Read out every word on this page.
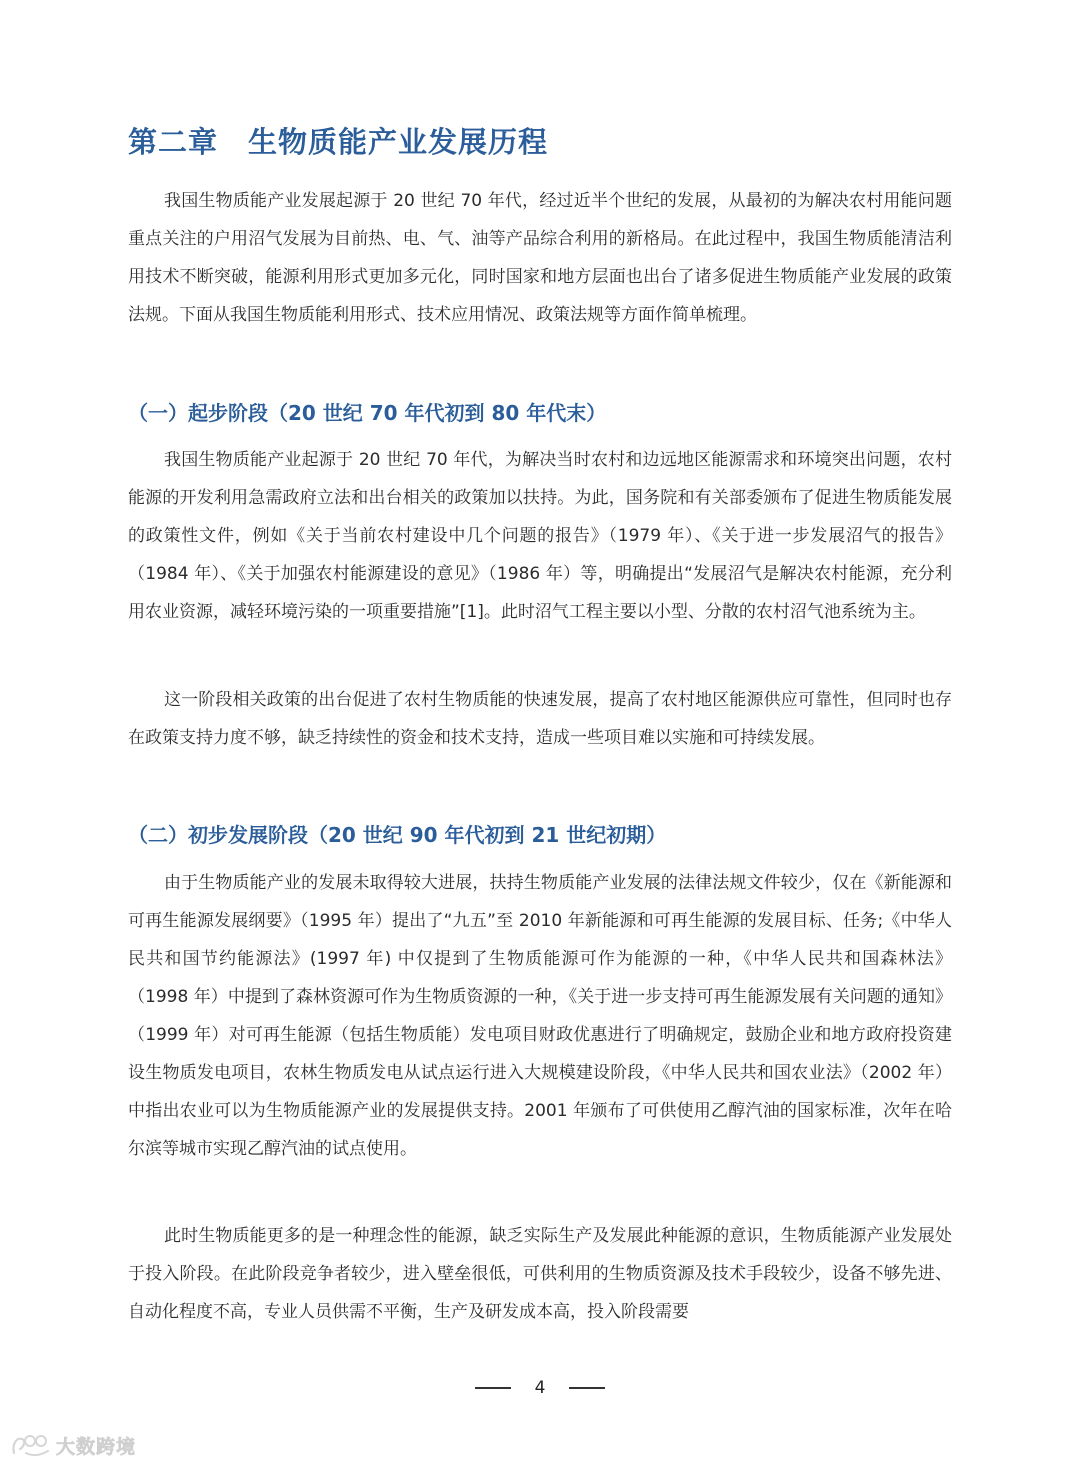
第二章　生物质能产业发展历程

我国生物质能产业发展起源于 20 世纪 70 年代，经过近半个世纪的发展，从最初的为解决农村用能问题重点关注的户用沼气发展为目前热、电、气、油等产品综合利用的新格局。在此过程中，我国生物质能清洁利用技术不断突破，能源利用形式更加多元化，同时国家和地方层面也出台了诸多促进生物质能产业发展的政策法规。下面从我国生物质能利用形式、技术应用情况、政策法规等方面作简单梳理。

（一）起步阶段（20 世纪 70 年代初到 80 年代末）

我国生物质能产业起源于 20 世纪 70 年代，为解决当时农村和边远地区能源需求和环境突出问题，农村能源的开发利用急需政府立法和出台相关的政策加以扶持。为此，国务院和有关部委颁布了促进生物质能发展的政策性文件，例如《关于当前农村建设中几个问题的报告》（1979 年）、《关于进一步发展沼气的报告》（1984 年）、《关于加强农村能源建设的意见》（1986 年）等，明确提出“发展沼气是解决农村能源，充分利用农业资源，减轻环境污染的一项重要措施”[1]。此时沼气工程主要以小型、分散的农村沼气池系统为主。

这一阶段相关政策的出台促进了农村生物质能的快速发展，提高了农村地区能源供应可靠性，但同时也存在政策支持力度不够，缺乏持续性的资金和技术支持，造成一些项目难以实施和可持续发展。

（二）初步发展阶段（20 世纪 90 年代初到 21 世纪初期）

由于生物质能产业的发展未取得较大进展，扶持生物质能产业发展的法律法规文件较少，仅在《新能源和可再生能源发展纲要》（1995 年）提出了“九五”至 2010 年新能源和可再生能源的发展目标、任务;《中华人民共和国节约能源法》(1997 年) 中仅提到了生物质能源可作为能源的一种，《中华人民共和国森林法》（1998 年）中提到了森林资源可作为生物质资源的一种，《关于进一步支持可再生能源发展有关问题的通知》（1999 年）对可再生能源（包括生物质能）发电项目财政优惠进行了明确规定，鼓励企业和地方政府投资建设生物质发电项目，农林生物质发电从试点运行进入大规模建设阶段，《中华人民共和国农业法》（2002 年）中指出农业可以为生物质能源产业的发展提供支持。2001 年颁布了可供使用乙醇汽油的国家标准，次年在哈尔滨等城市实现乙醇汽油的试点使用。

此时生物质能更多的是一种理念性的能源，缺乏实际生产及发展此种能源的意识，生物质能源产业发展处于投入阶段。在此阶段竞争者较少，进入壁垒很低，可供利用的生物质资源及技术手段较少，设备不够先进、自动化程度不高，专业人员供需不平衡，生产及研发成本高，投入阶段需要

4
大数跨境
